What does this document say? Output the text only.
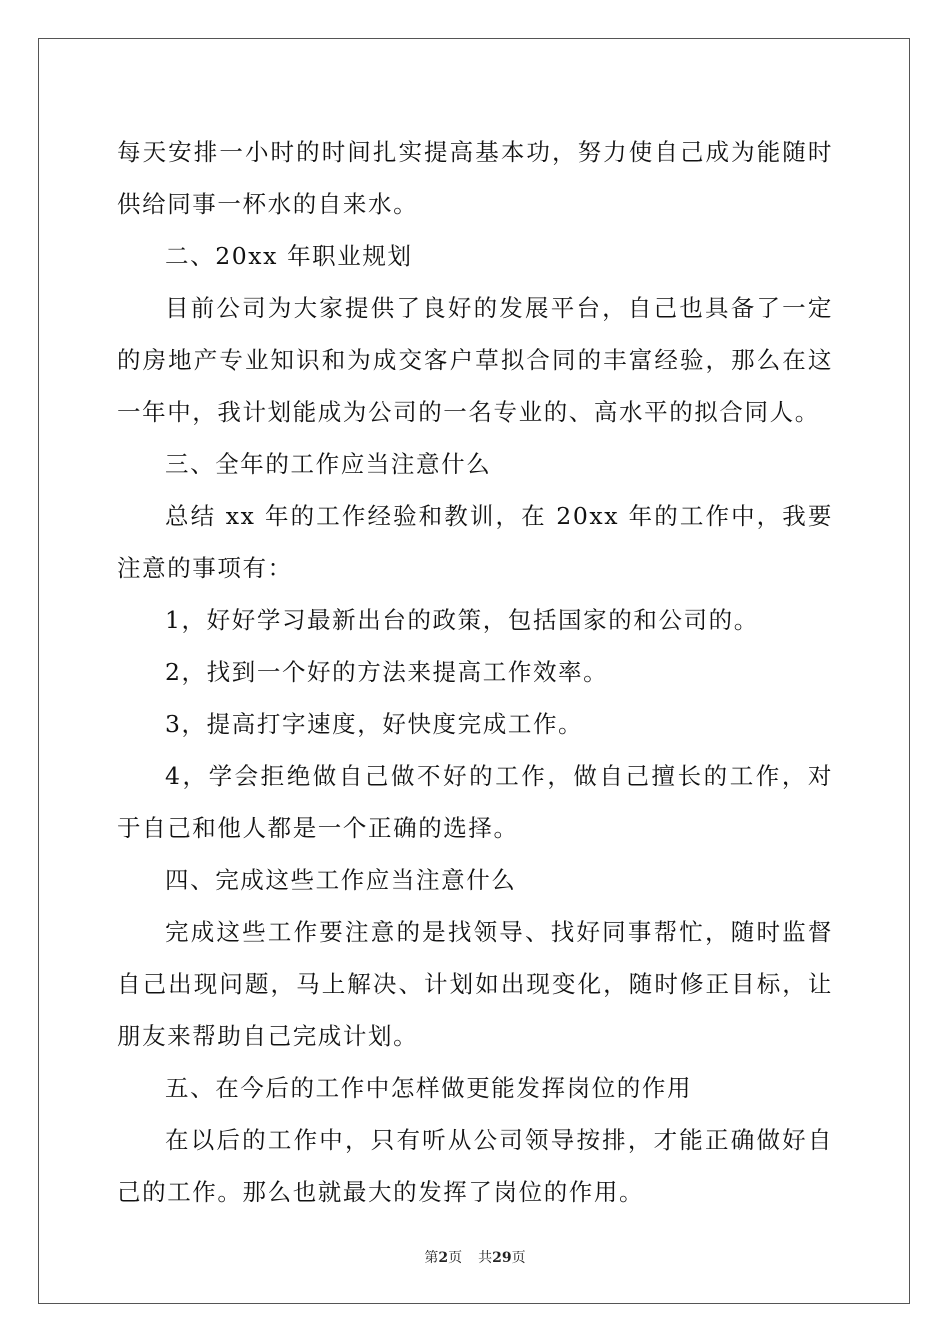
每天安排一小时的时间扎实提高基本功，努力使自己成为能随时供给同事一杯水的自来水。
二、20xx 年职业规划
目前公司为大家提供了良好的发展平台，自己也具备了一定的房地产专业知识和为成交客户草拟合同的丰富经验，那么在这一年中，我计划能成为公司的一名专业的、高水平的拟合同人。
三、全年的工作应当注意什么
总结 xx 年的工作经验和教训，在 20xx 年的工作中，我要注意的事项有：
1，好好学习最新出台的政策，包括国家的和公司的。
2，找到一个好的方法来提高工作效率。
3，提高打字速度，好快度完成工作。
4，学会拒绝做自己做不好的工作，做自己擅长的工作，对于自己和他人都是一个正确的选择。
四、完成这些工作应当注意什么
完成这些工作要注意的是找领导、找好同事帮忙，随时监督自己出现问题，马上解决、计划如出现变化，随时修正目标，让朋友来帮助自己完成计划。
五、在今后的工作中怎样做更能发挥岗位的作用
在以后的工作中，只有听从公司领导按排，才能正确做好自己的工作。那么也就最大的发挥了岗位的作用。
第2页 共29页
